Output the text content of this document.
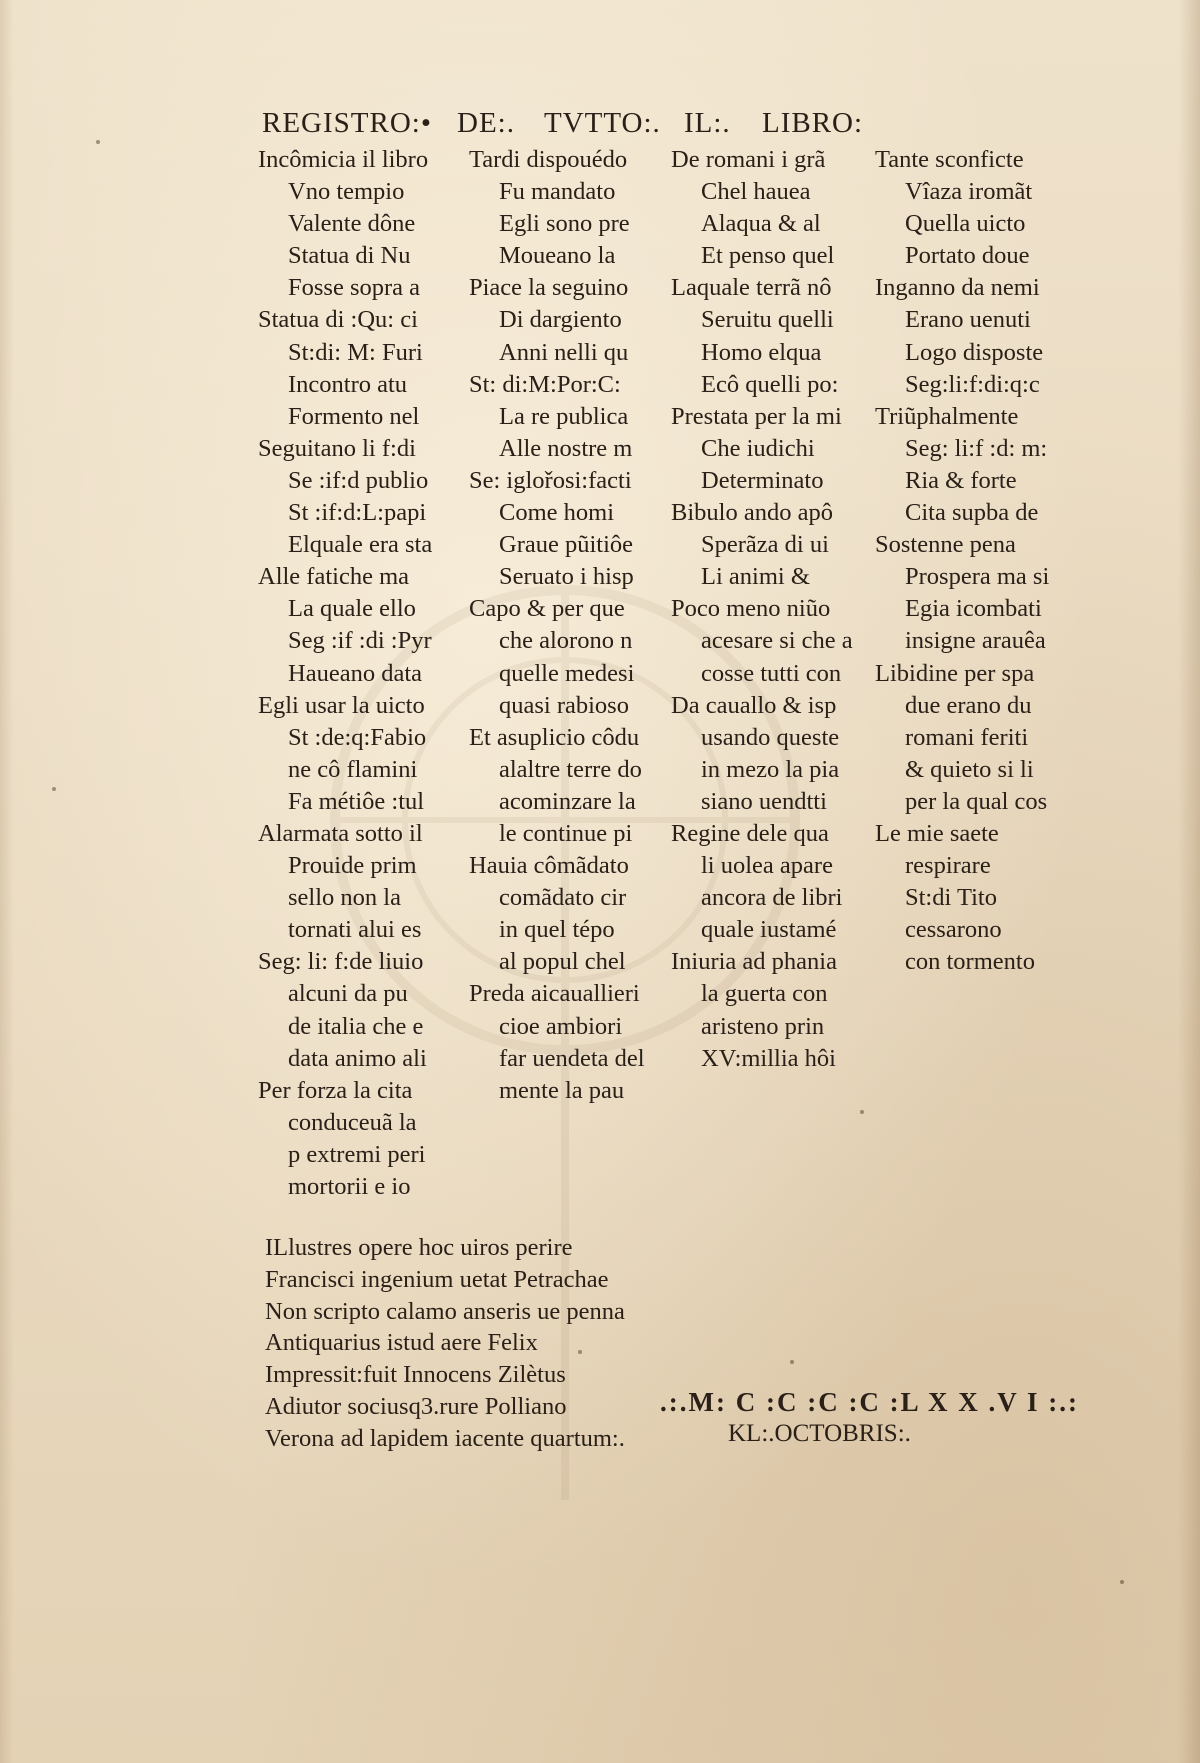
REGISTRO:• DE:. TVTTO:. IL:. LIBRO:
Incômicia il libro
Vno tempio
Valente dône
Statua di Nu
Fosse sopra a
Statua di :Qu: ci
St:di: M: Furi
Incontro atu
Formento nel
Seguitano li f:di
Se :if:d publio
St :if:d:L:papi
Elquale era sta
Alle fatiche ma
La quale ello
Seg :if :di :Pyr
Haueano data
Egli usar la uicto
St :de:q:Fabio
ne cô flamini
Fa métiôe :tul
Alarmata sotto il
Prouide prim
sello non la
tornati alui es
Seg: li: f:de liuio
alcuni da pu
de italia che e
data animo ali
Per forza la cita
conduceuã la
p extremi peri
mortorii e io
Tardi dispouédo
Fu mandato
Egli sono pre
Moueano la
Piace la seguino
Di dargiento
Anni nelli qu
St: di:M:Por:C:
La re publica
Alle nostre m
Se: iglořosi:facti
Come homi
Graue pũitiôe
Seruato i hisp
Capo & per que
che alorono n
quelle medesi
quasi rabioso
Et asuplicio côdu
alaltre terre do
acominzare la
le continue pi
Hauia cômãdato
comãdato cir
in quel tépo
al popul chel
Preda aicauallieri
cioe ambiori
far uendeta del
mente la pau
De romani i grã
Chel hauea
Alaqua & al
Et penso quel
Laquale terrã nô
Seruitu quelli
Homo elqua
Ecô quelli po:
Prestata per la mi
Che iudichi
Determinato
Bibulo ando apô
Sperãza di ui
Li animi &
Poco meno niũo
acesare si che a
cosse tutti con
Da cauallo & isp
usando queste
in mezo la pia
siano uendtti
Regine dele qua
li uolea apare
ancora de libri
quale iustamé
Iniuria ad phania
la guerta con
aristeno prin
XV:millia hôi
Tante sconficte
Vîaza iromãt
Quella uicto
Portato doue
Inganno da nemi
Erano uenuti
Logo disposte
Seg:li:f:di:q:c
Triũphalmente
Seg: li:f :d: m:
Ria & forte
Cita supba de
Sostenne pena
Prospera ma si
Egia icombati
insigne arauêa
Libidine per spa
due erano du
romani feriti
& quieto si li
per la qual cos
Le mie saete
respirare
St:di Tito
cessarono
con tormento
ILlustres opere hoc uiros perire
Francisci ingenium uetat Petrachae
Non scripto calamo anseris ue penna
Antiquarius istud aere Felix
Impressit:fuit Innocens Zilètus
Adiutor sociusq3.rure Polliano
Verona ad lapidem iacente quartum:.
.:.M: C :C :C :C :L X X .V I :.:
KL:.OCTOBRIS:.
